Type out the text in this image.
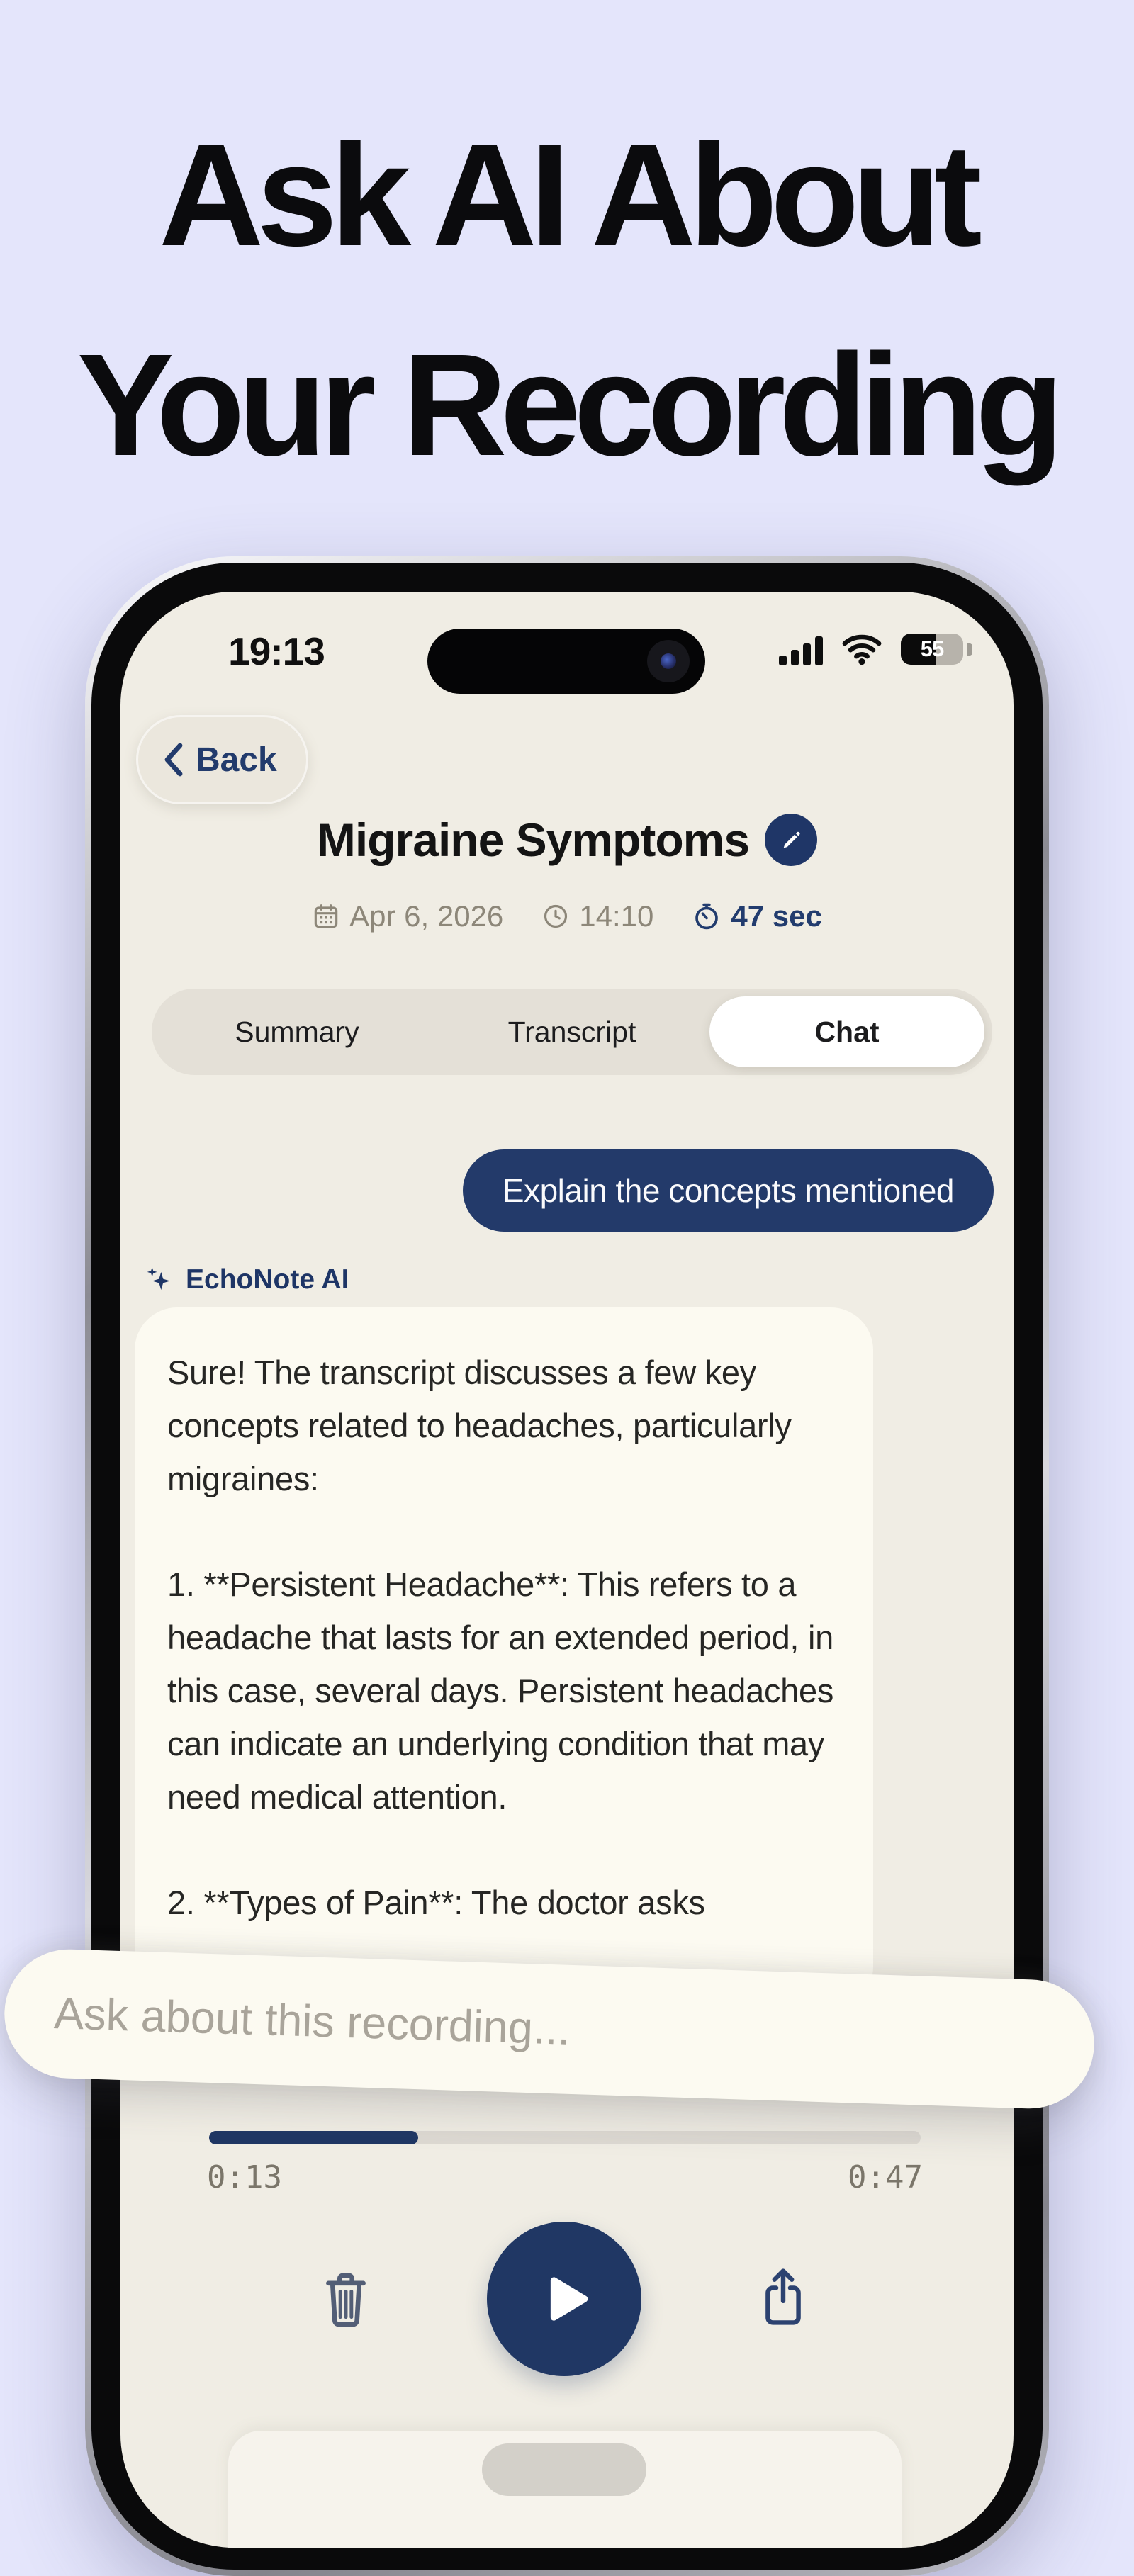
Ask AI About
Your Recording
19:13	55
Back
Migraine Symptoms
Apr 6, 2026	14:10	47 sec
Summary	Transcript	Chat
Explain the concepts mentioned
EchoNote AI

Sure! The transcript discusses a few key concepts related to headaches, particularly migraines:

1. **Persistent Headache**: This refers to a headache that lasts for an extended period, in this case, several days. Persistent headaches can indicate an underlying condition that may need medical attention.

2. **Types of Pain**: The doctor asks

0:13	0:47
Ask about this recording...
